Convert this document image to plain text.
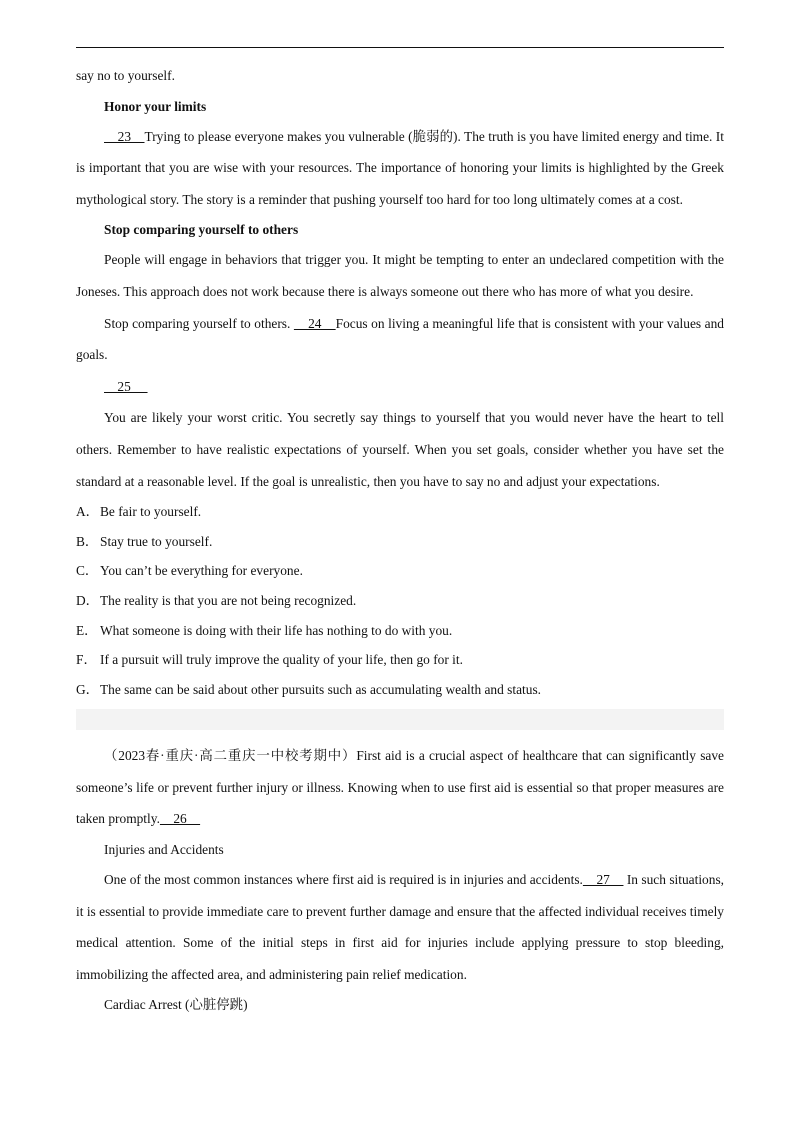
say no to yourself.

Honor your limits

23    Trying to please everyone makes you vulnerable (脆弱的). The truth is you have limited energy and time. It is important that you are wise with your resources. The importance of honoring your limits is highlighted by the Greek mythological story. The story is a reminder that pushing yourself too hard for too long ultimately comes at a cost.

Stop comparing yourself to others

People will engage in behaviors that trigger you. It might be tempting to enter an undeclared competition with the Joneses. This approach does not work because there is always someone out there who has more of what you desire.

Stop comparing yourself to others.     24    Focus on living a meaningful life that is consistent with your values and goals.

25

You are likely your worst critic. You secretly say things to yourself that you would never have the heart to tell others. Remember to have realistic expectations of yourself. When you set goals, consider whether you have set the standard at a reasonable level. If the goal is unrealistic, then you have to say no and adjust your expectations.

A．Be fair to yourself.

B． Stay true to yourself.

C． You can’t be everything for everyone.

D．The reality is that you are not being recognized.

E． What someone is doing with their life has nothing to do with you.

F． If a pursuit will truly improve the quality of your life, then go for it.

G．The same can be said about other pursuits such as accumulating wealth and status.

（2023春·重庆·高二重庆一中校考期中）First aid is a crucial aspect of healthcare that can significantly save someone’s life or prevent further injury or illness. Knowing when to use first aid is essential so that proper measures are taken promptly.    26

Injuries and Accidents

One of the most common instances where first aid is required is in injuries and accidents.    27     In such situations, it is essential to provide immediate care to prevent further damage and ensure that the affected individual receives timely medical attention. Some of the initial steps in first aid for injuries include applying pressure to stop bleeding, immobilizing the affected area, and administering pain relief medication.

Cardiac Arrest (心脏停跳)
